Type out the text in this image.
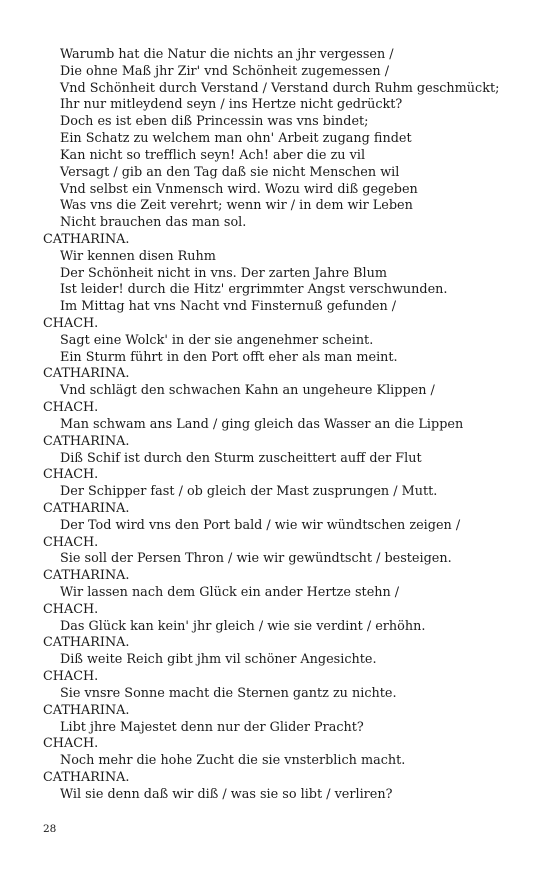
Warumb hat die Natur die nichts an jhr vergessen /
Die ohne Maß jhr Zir' vnd Schönheit zugemessen /
Vnd Schönheit durch Verstand / Verstand durch Ruhm geschmückt;
Ihr nur mitleydend seyn / ins Hertze nicht gedrückt?
Doch es ist eben diß Princessin was vns bindet;
Ein Schatz zu welchem man ohn' Arbeit zugang findet
Kan nicht so trefflich seyn! Ach! aber die zu vil
Versagt / gib an den Tag daß sie nicht Menschen wil
Vnd selbst ein Vnmensch wird. Wozu wird diß gegeben
Was vns die Zeit verehrt; wenn wir / in dem wir Leben
Nicht brauchen das man sol.
CATHARINA.
Wir kennen disen Ruhm
Der Schönheit nicht in vns. Der zarten Jahre Blum
Ist leider! durch die Hitz' ergrimmter Angst verschwunden.
Im Mittag hat vns Nacht vnd Finsternuß gefunden /
CHACH.
Sagt eine Wolck' in der sie angenehmer scheint.
Ein Sturm führt in den Port offt eher als man meint.
CATHARINA.
Vnd schlägt den schwachen Kahn an ungeheure Klippen /
CHACH.
Man schwam ans Land / ging gleich das Wasser an die Lippen
CATHARINA.
Diß Schif ist durch den Sturm zuscheittert auff der Flut
CHACH.
Der Schipper fast / ob gleich der Mast zusprungen / Mutt.
CATHARINA.
Der Tod wird vns den Port bald / wie wir wündtschen zeigen /
CHACH.
Sie soll der Persen Thron / wie wir gewündtscht / besteigen.
CATHARINA.
Wir lassen nach dem Glück ein ander Hertze stehn /
CHACH.
Das Glück kan kein' jhr gleich / wie sie verdint / erhöhn.
CATHARINA.
Diß weite Reich gibt jhm vil schöner Angesichte.
CHACH.
Sie vnsre Sonne macht die Sternen gantz zu nichte.
CATHARINA.
Libt jhre Majestet denn nur der Glider Pracht?
CHACH.
Noch mehr die hohe Zucht die sie vnsterblich macht.
CATHARINA.
Wil sie denn daß wir diß / was sie so libt / verliren?
28
